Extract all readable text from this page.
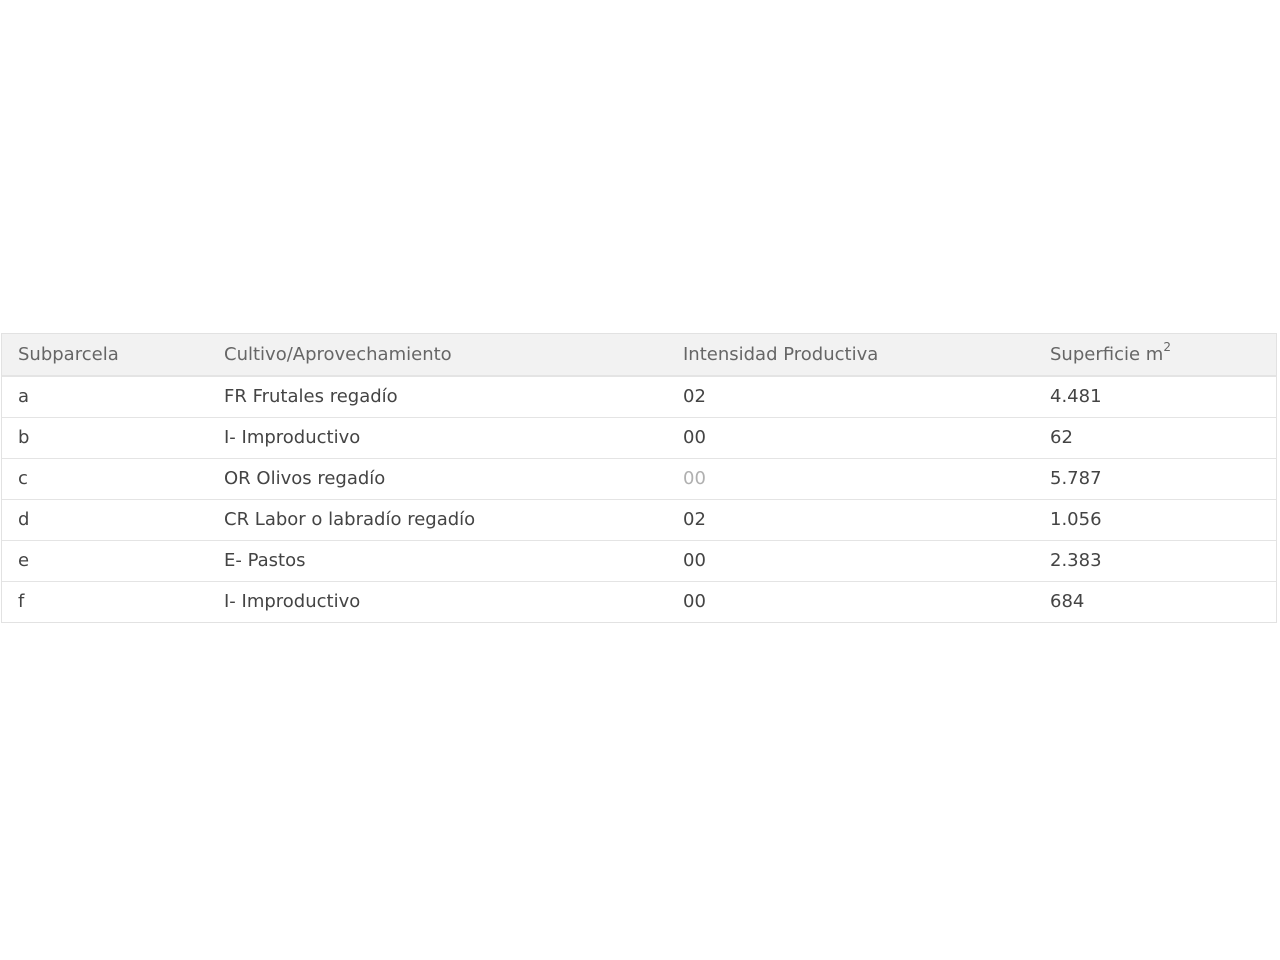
Subparcela	Cultivo/Aprovechamiento	Intensidad Productiva	Superficie $m^2$
a	FR Frutales regadío	02	4.481
b	I- Improductivo	00	62
c	OR Olivos regadío	00	5.787
d	CR Labor o labradío regadío	02	1.056
e	E- Pastos	00	2.383
f	I- Improductivo	00	684
